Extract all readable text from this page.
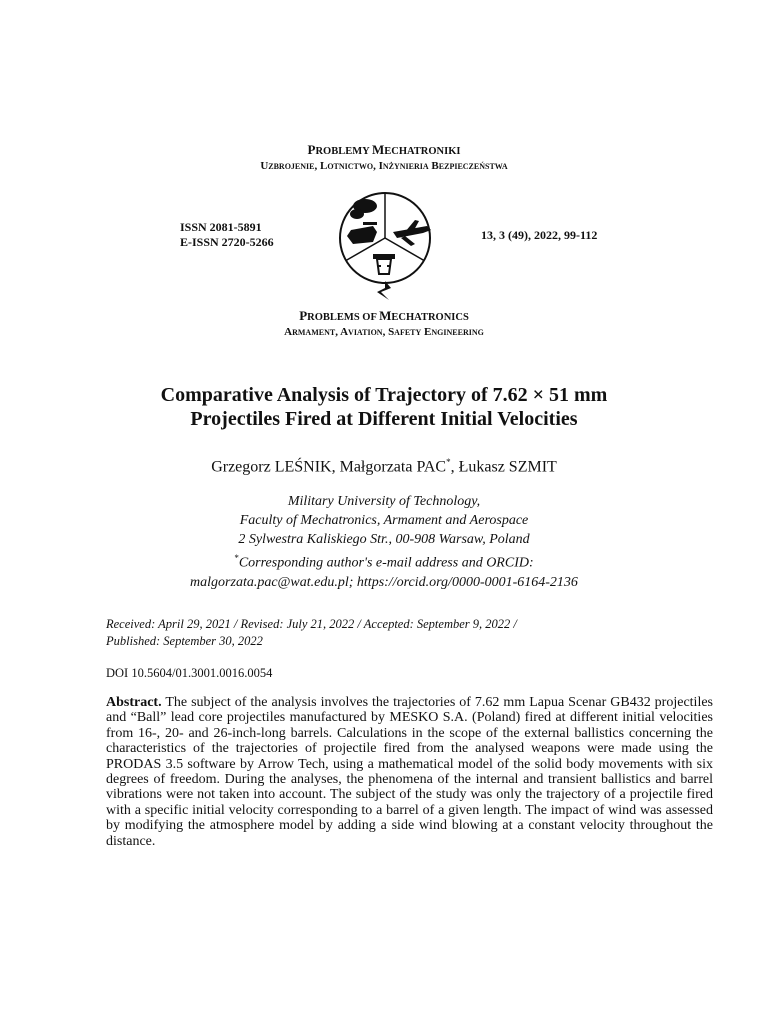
PROBLEMY MECHATRONIKI
Uzbrojenie, Lotnictwo, Inżynieria Bezpieczeństwa
ISSN 2081-5891
E-ISSN 2720-5266	13, 3 (49), 2022, 99-112
PROBLEMS OF MECHATRONICS
Armament, Aviation, Safety Engineering
Comparative Analysis of Trajectory of 7.62 × 51 mm
Projectiles Fired at Different Initial Velocities
Grzegorz LEŚNIK, Małgorzata PAC*, Łukasz SZMIT
Military University of Technology,
Faculty of Mechatronics, Armament and Aerospace
2 Sylwestra Kaliskiego Str., 00-908 Warsaw, Poland
*Corresponding author's e-mail address and ORCID:
malgorzata.pac@wat.edu.pl; https://orcid.org/0000-0001-6164-2136
Received: April 29, 2021 / Revised: July 21, 2022 / Accepted: September 9, 2022 /
Published: September 30, 2022
DOI 10.5604/01.3001.0016.0054
Abstract. The subject of the analysis involves the trajectories of 7.62 mm Lapua Scenar GB432 projectiles and “Ball” lead core projectiles manufactured by MESKO S.A. (Poland) fired at different initial velocities from 16-, 20- and 26-inch-long barrels. Calculations in the scope of the external ballistics concerning the characteristics of the trajectories of projectile fired from the analysed weapons were made using the PRODAS 3.5 software by Arrow Tech, using a mathematical model of the solid body movements with six degrees of freedom. During the analyses, the phenomena of the internal and transient ballistics and barrel vibrations were not taken into account. The subject of the study was only the trajectory of a projectile fired with a specific initial velocity corresponding to a barrel of a given length. The impact of wind was assessed by modifying the atmosphere model by adding a side wind blowing at a constant velocity throughout the distance.
